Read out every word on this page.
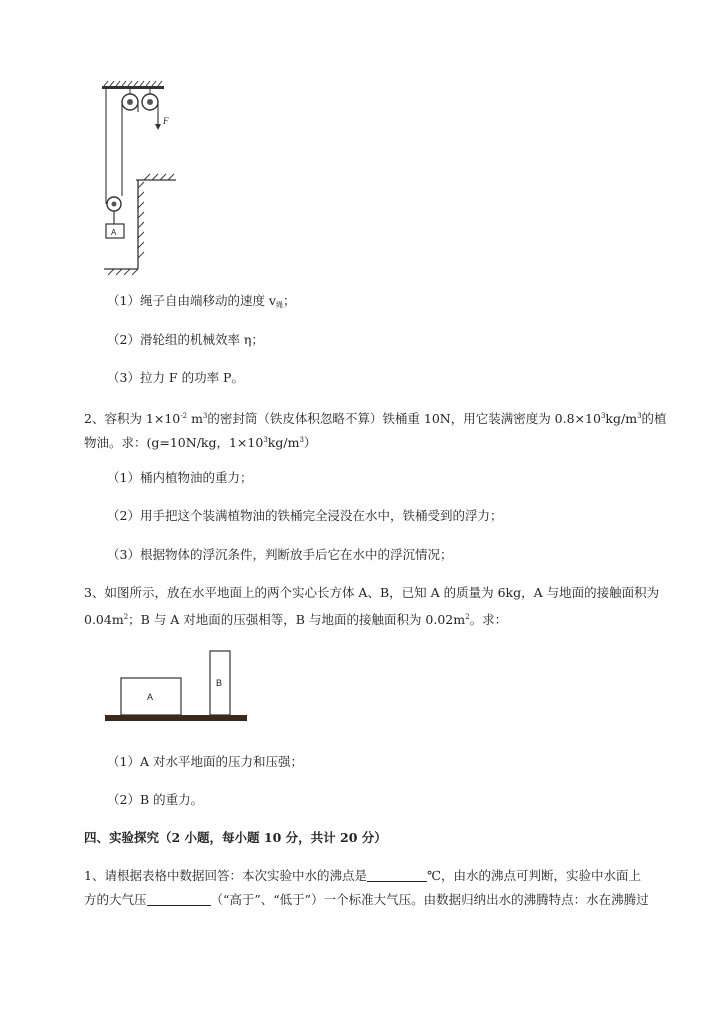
F
A
（1）绳子自由端移动的速度 $v_绳$；
（2）滑轮组的机械效率 η；
（3）拉力 F 的功率 P。
2、容积为 $1\times 10^{-2}$ $m^3$的密封筒（铁皮体积忽略不算）铁桶重 10N，用它装满密度为 $0.8\times 10^3kg/m^3$的植
物油。求：(g=10N/kg，$1\times 10^3kg/m^3$）
（1）桶内植物油的重力；
（2）用手把这个装满植物油的铁桶完全浸没在水中，铁桶受到的浮力；
（3）根据物体的浮沉条件，判断放手后它在水中的浮沉情况；
3、如图所示，放在水平地面上的两个实心长方体 A、B，已知 A 的质量为 6kg，A 与地面的接触面积为
$0.04m^2$；B 与 A 对地面的压强相等，B 与地面的接触面积为 $0.02m^2$。求：
A
B
（1）A 对水平地面的压力和压强；
（2）B 的重力。
四、实验探究（2 小题，每小题 10 分，共计 20 分）
1、请根据表格中数据回答：本次实验中水的沸点是	℃，由水的沸点可判断，实验中水面上
方的大气压	（“高于”、“低于”）一个标准大气压。由数据归纳出水的沸腾特点：水在沸腾过
